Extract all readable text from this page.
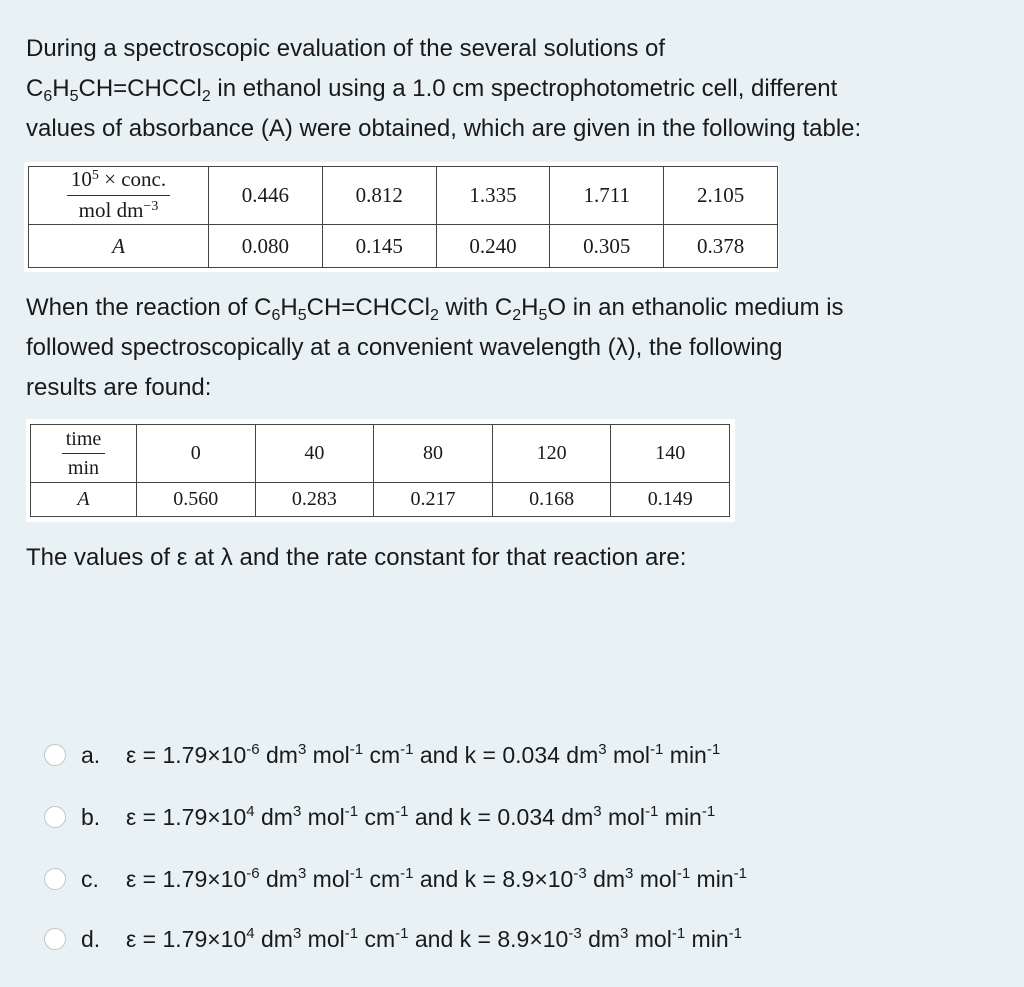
During a spectroscopic evaluation of the several solutions of
$C_6H_5CH=CHCCl_2$ in ethanol using a 1.0 cm spectrophotometric cell, different
values of absorbance (A) were obtained, which are given in the following table:
$\frac{10^5 \times conc.}{mol dm^{-3}}$	0.446	0.812	1.335	1.711	2.105
A	0.080	0.145	0.240	0.305	0.378
When the reaction of $C_6H_5CH=CHCCl_2$ with $C_2H_5O$ in an ethanolic medium is
followed spectroscopically at a convenient wavelength (λ), the following
results are found:
$\frac{\text{time}}{\min}$	0	40	80	120	140
A	0.560	0.283	0.217	0.168	0.149
The values of ε at λ and the rate constant for that reaction are:
a.	$\varepsilon = 1.79\times 10^{-6}$ $dm^3$ mol$^{-1}$ $cm^{-1}$ and k = 0.034 $dm^3$ mol$^{-1}$ $\min^{-1}$
b.	$\varepsilon = 1.79\times 10^4$ $dm^3$ mol$^{-1}$ $cm^{-1}$ and k = 0.034 $dm^3$ mol$^{-1}$ $\min^{-1}$
c.	$\varepsilon = 1.79\times 10^{-6}$ $dm^3$ mol$^{-1}$ $cm^{-1}$ and $k = 8.9\times 10^{-3}$ $dm^3$ mol$^{-1}$ $\min^{-1}$
d.	$\varepsilon = 1.79\times 10^4$ $dm^3$ mol$^{-1}$ $cm^{-1}$ and $k = 8.9\times 10^{-3}$ $dm^3$ mol$^{-1}$ $\min^{-1}$
